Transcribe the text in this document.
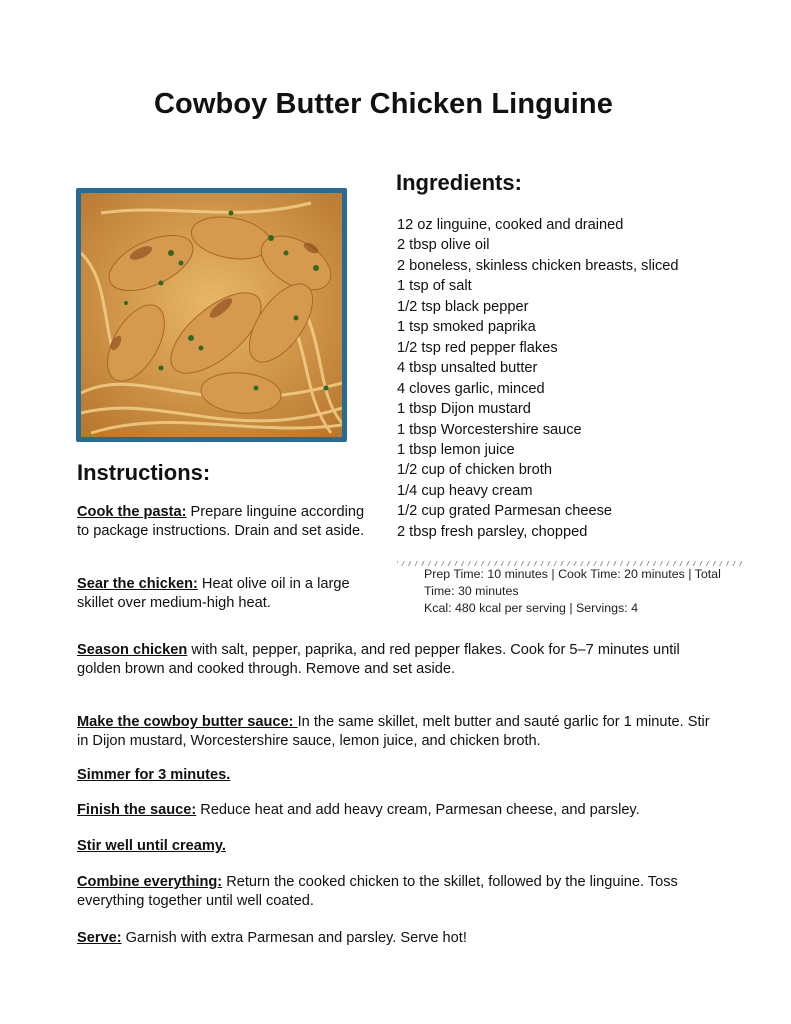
Cowboy Butter Chicken Linguine
Ingredients:
12 oz linguine, cooked and drained
2 tbsp olive oil
2 boneless, skinless chicken breasts, sliced
1 tsp of salt
1/2 tsp black pepper
1 tsp smoked paprika
1/2 tsp red pepper flakes
4 tbsp unsalted butter
4 cloves garlic, minced
1 tbsp Dijon mustard
1 tbsp Worcestershire sauce
1 tbsp lemon juice
1/2 cup of chicken broth
1/4 cup heavy cream
1/2 cup grated Parmesan cheese
2 tbsp fresh parsley, chopped

Prep Time: 10 minutes | Cook Time: 20 minutes | Total Time: 30 minutes

Kcal: 480 kcal per serving | Servings: 4

Instructions:

Cook the pasta: Prepare linguine according to package instructions. Drain and set aside.

Sear the chicken: Heat olive oil in a large skillet over medium-high heat.

Season chicken with salt, pepper, paprika, and red pepper flakes. Cook for 5–7 minutes until
golden brown and cooked through. Remove and set aside.

Make the cowboy butter sauce: In the same skillet, melt butter and sauté garlic for 1 minute. Stir in Dijon mustard, Worcestershire sauce, lemon juice, and chicken broth.

Simmer for 3 minutes.

Finish the sauce: Reduce heat and add heavy cream, Parmesan cheese, and parsley.

Stir well until creamy.

Combine everything: Return the cooked chicken to the skillet, followed by the linguine. Toss everything together until well coated.

Serve: Garnish with extra Parmesan and parsley. Serve hot!
